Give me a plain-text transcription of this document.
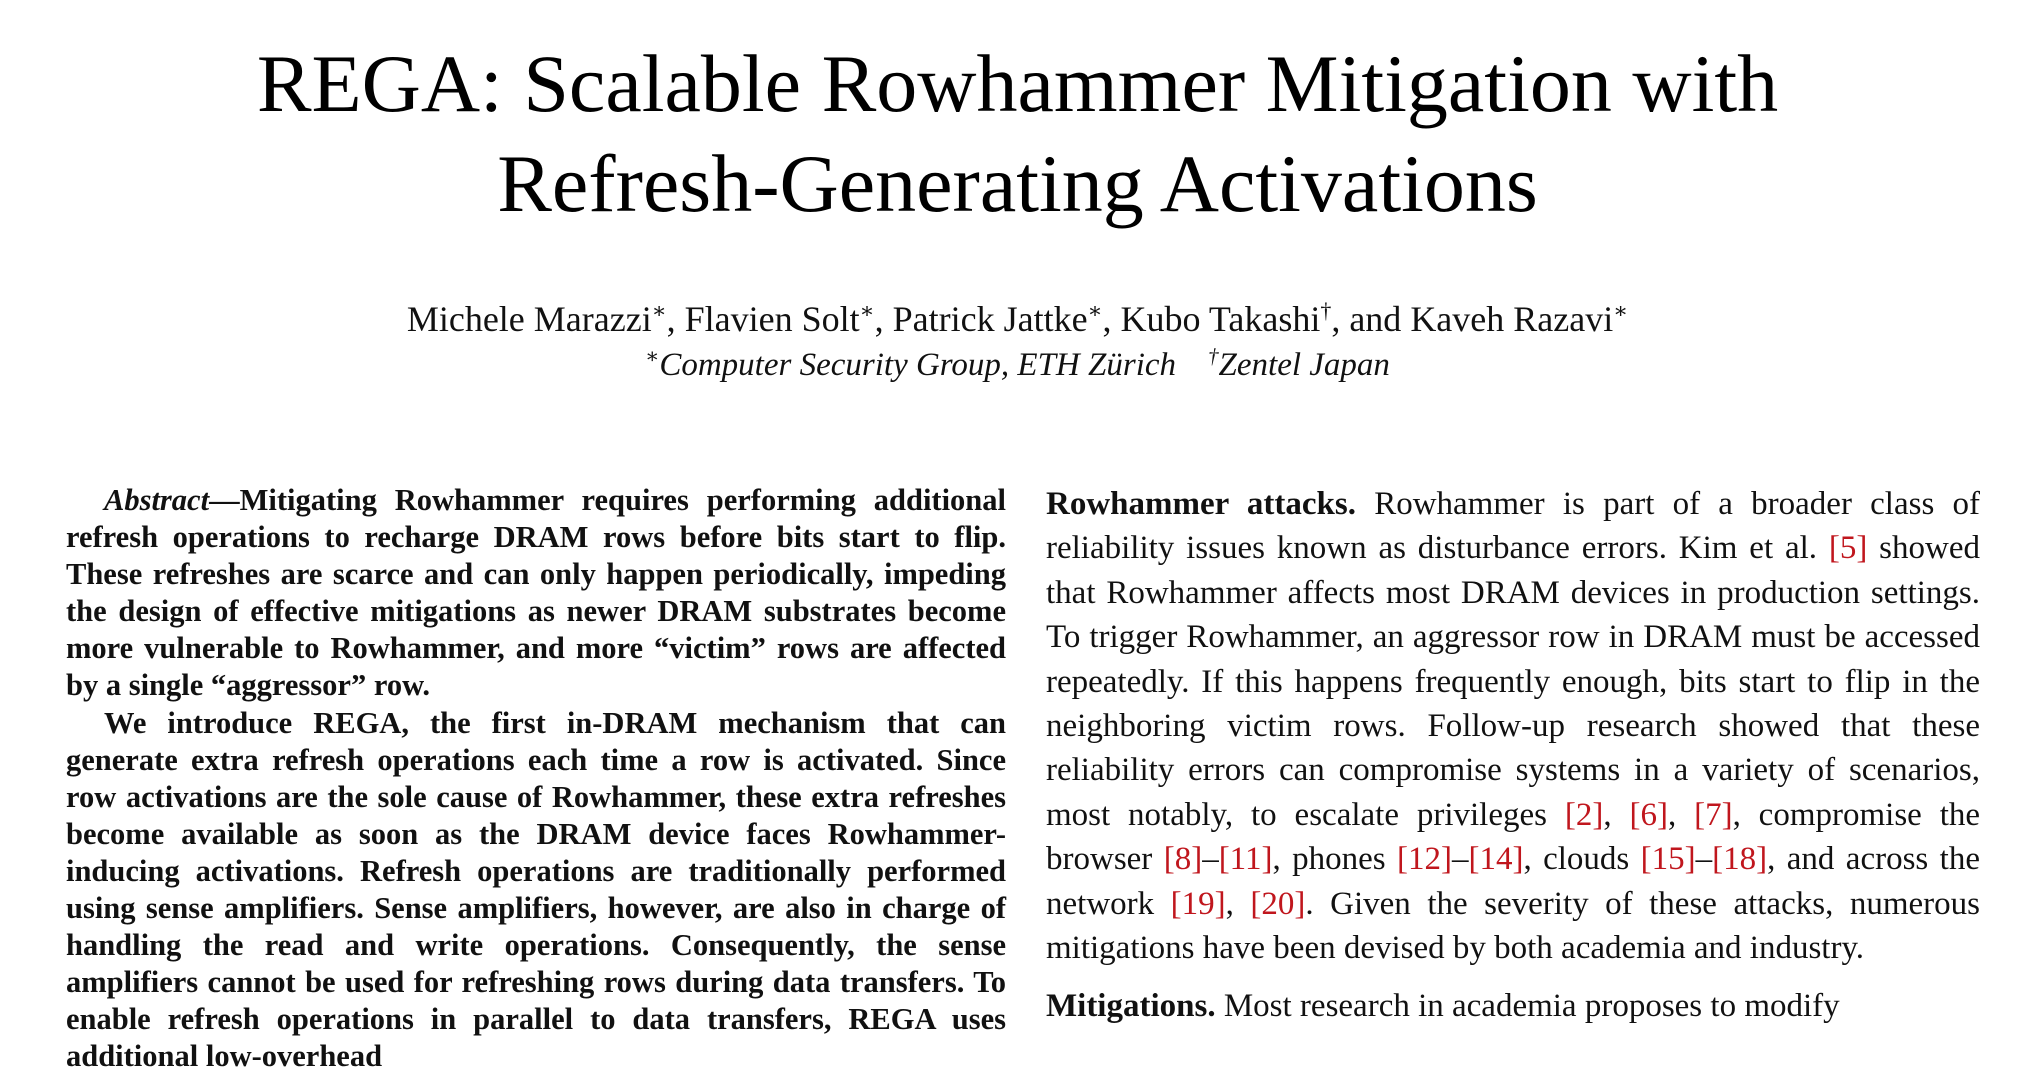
REGA: Scalable Rowhammer Mitigation with
Refresh-Generating Activations
Michele Marazzi∗, Flavien Solt∗, Patrick Jattke∗, Kubo Takashi†, and Kaveh Razavi∗
∗Computer Security Group, ETH Zürich †Zentel Japan

Abstract—Mitigating Rowhammer requires performing additional refresh operations to recharge DRAM rows before bits start to flip. These refreshes are scarce and can only happen periodically, impeding the design of effective mitigations as newer DRAM substrates become more vulnerable to Rowhammer, and more “victim” rows are affected by a single “aggressor” row.

We introduce REGA, the first in-DRAM mechanism that can generate extra refresh operations each time a row is activated. Since row activations are the sole cause of Rowhammer, these extra refreshes become available as soon as the DRAM device faces Rowhammer-inducing activations. Refresh operations are traditionally performed using sense amplifiers. Sense amplifiers, however, are also in charge of handling the read and write operations. Consequently, the sense amplifiers cannot be used for refreshing rows during data transfers. To enable refresh operations in parallel to data transfers, REGA uses additional low-overhead

Rowhammer attacks. Rowhammer is part of a broader class of reliability issues known as disturbance errors. Kim et al. [5] showed that Rowhammer affects most DRAM devices in production settings. To trigger Rowhammer, an aggressor row in DRAM must be accessed repeatedly. If this happens frequently enough, bits start to flip in the neighboring victim rows. Follow-up research showed that these reliability errors can compromise systems in a variety of scenarios, most notably, to escalate privileges [2], [6], [7], compromise the browser [8]–[11], phones [12]–[14], clouds [15]–[18], and across the network [19], [20]. Given the severity of these attacks, numerous mitigations have been devised by both academia and industry.

Mitigations. Most research in academia proposes to modify
